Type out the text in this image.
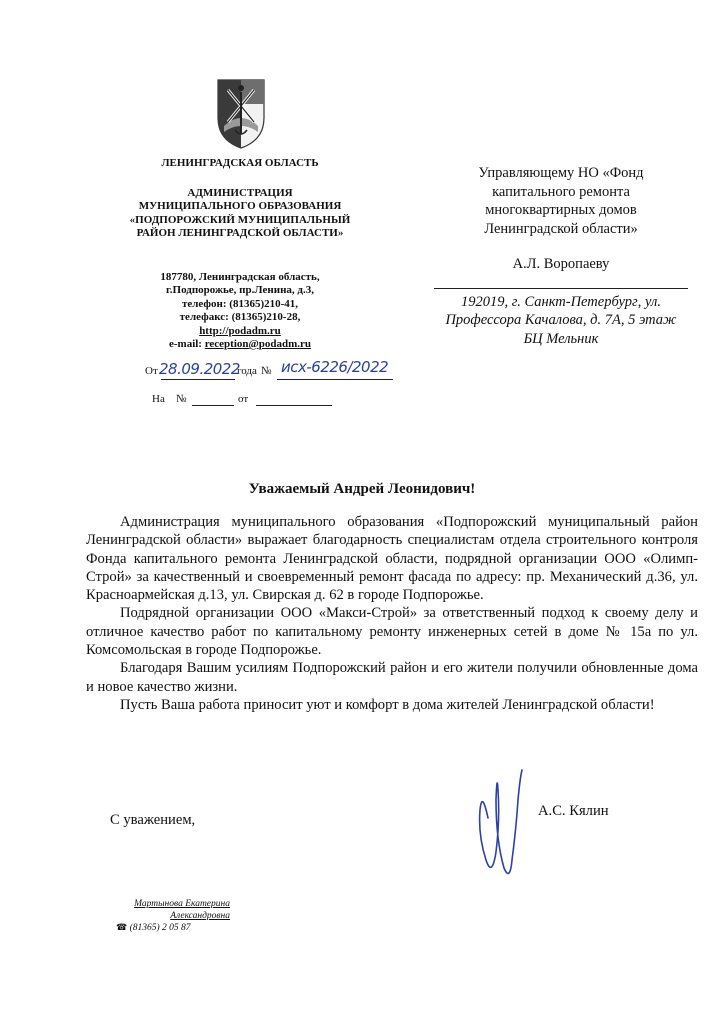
ЛЕНИНГРАДСКАЯ ОБЛАСТЬ
АДМИНИСТРАЦИЯ
МУНИЦИПАЛЬНОГО ОБРАЗОВАНИЯ
«ПОДПОРОЖСКИЙ МУНИЦИПАЛЬНЫЙ
РАЙОН ЛЕНИНГРАДСКОЙ ОБЛАСТИ»
187780, Ленинградская область,
г.Подпорожье, пр.Ленина, д.3,
телефон: (81365)210-41,
телефакс: (81365)210-28,
http://podadm.ru
e-mail: reception@podadm.ru
От	года №
28.09.2022	исх-6226/2022
На №	от
Управляющему НО «Фонд
капитального ремонта
многоквартирных домов
Ленинградской области»
А.Л. Воропаеву
192019, г. Санкт-Петербург, ул.
Профессора Качалова, д. 7А, 5 этаж
БЦ Мельник
Уважаемый Андрей Леонидович!

Администрация муниципального образования «Подпорожский муниципальный район Ленинградской области» выражает благодарность специалистам отдела строительного контроля Фонда капитального ремонта Ленинградской области, подрядной организации ООО «Олимп- Строй» за качественный и своевременный ремонт фасада по адресу: пр. Механический д.36, ул. Красноармейская д.13, ул. Свирская д. 62 в городе Подпорожье.

Подрядной организации ООО «Макси-Строй» за ответственный подход к своему делу и отличное качество работ по капитальному ремонту инженерных сетей в доме № 15а по ул. Комсомольская в городе Подпорожье.

Благодаря Вашим усилиям Подпорожский район и его жители получили обновленные дома и новое качество жизни.

Пусть Ваша работа приносит уют и комфорт в дома жителей Ленинградской области!

С уважением,
А.С. Кялин
Мартынова Екатерина
Александровна
☎ (81365) 2 05 87
